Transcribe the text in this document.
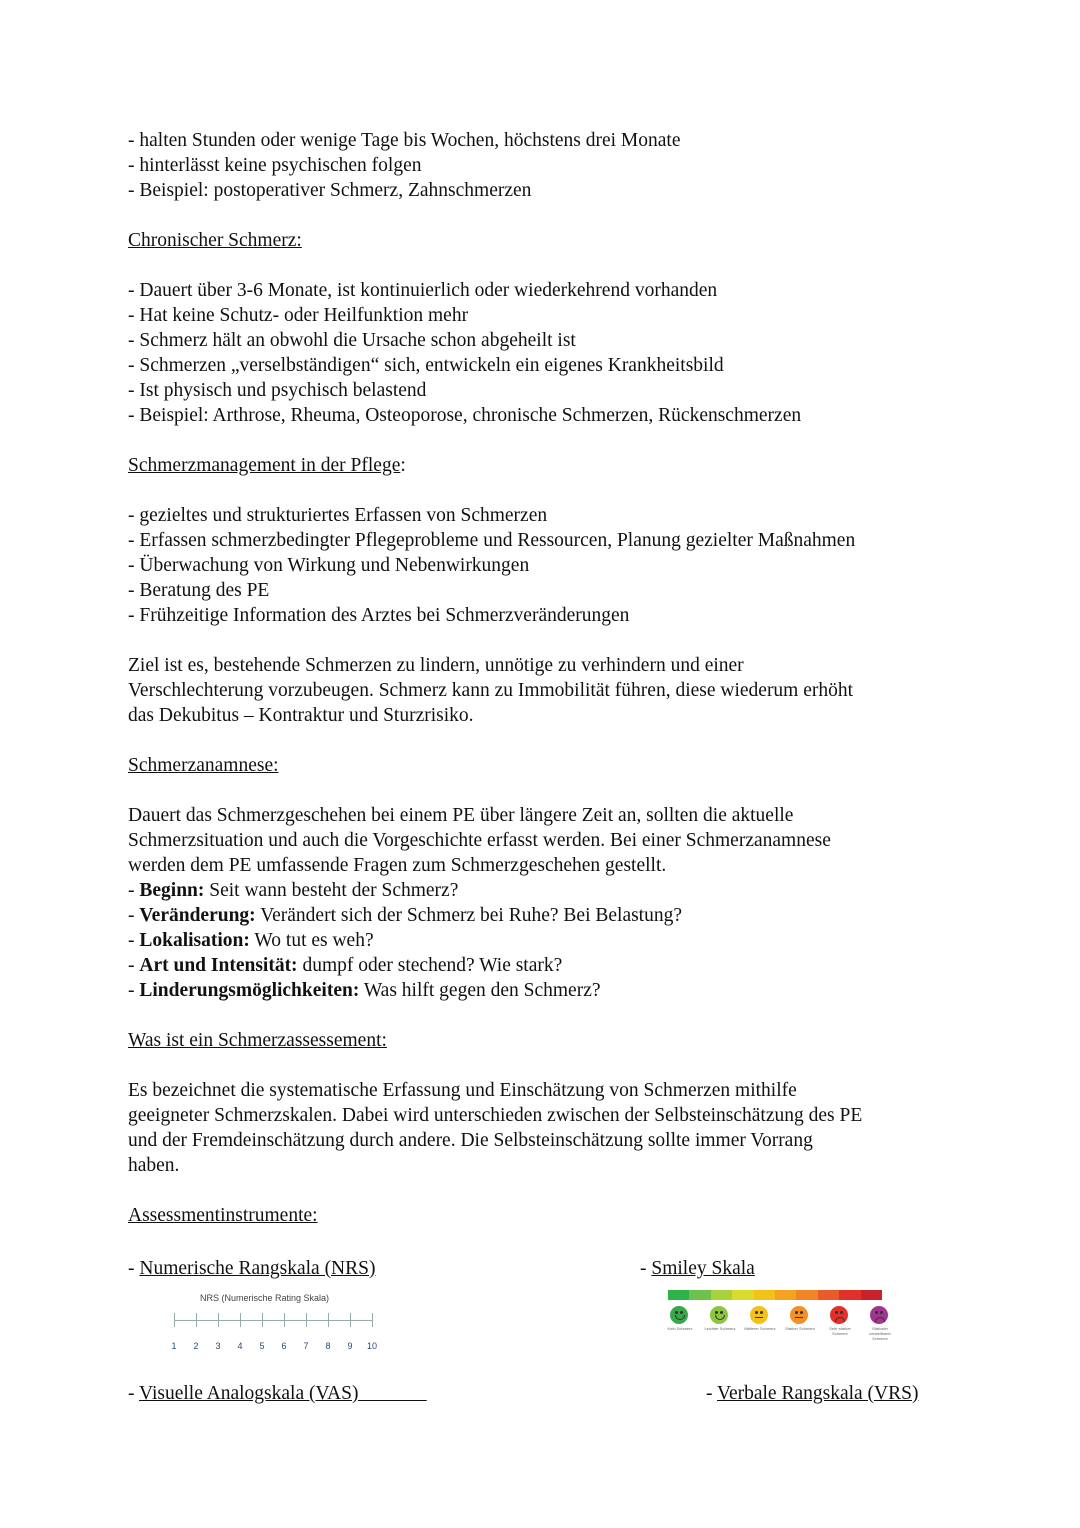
- halten Stunden oder wenige Tage bis Wochen, höchstens drei Monate
- hinterlässt keine psychischen folgen
- Beispiel: postoperativer Schmerz, Zahnschmerzen
Chronischer Schmerz:
- Dauert über 3-6 Monate, ist kontinuierlich oder wiederkehrend vorhanden
- Hat keine Schutz- oder Heilfunktion mehr
- Schmerz hält an obwohl die Ursache schon abgeheilt ist
- Schmerzen „verselbständigen“ sich, entwickeln ein eigenes Krankheitsbild
- Ist physisch und psychisch belastend
- Beispiel: Arthrose, Rheuma, Osteoporose, chronische Schmerzen, Rückenschmerzen
Schmerzmanagement in der Pflege:
- gezieltes und strukturiertes Erfassen von Schmerzen
- Erfassen schmerzbedingter Pflegeprobleme und Ressourcen, Planung gezielter Maßnahmen
- Überwachung von Wirkung und Nebenwirkungen
- Beratung des PE
- Frühzeitige Information des Arztes bei Schmerzveränderungen
Ziel ist es, bestehende Schmerzen zu lindern, unnötige zu verhindern und einer
Verschlechterung vorzubeugen. Schmerz kann zu Immobilität führen, diese wiederum erhöht
das Dekubitus – Kontraktur und Sturzrisiko.
Schmerzanamnese:
Dauert das Schmerzgeschehen bei einem PE über längere Zeit an, sollten die aktuelle
Schmerzsituation und auch die Vorgeschichte erfasst werden. Bei einer Schmerzanamnese
werden dem PE umfassende Fragen zum Schmerzgeschehen gestellt.
- Beginn: Seit wann besteht der Schmerz?
- Veränderung: Verändert sich der Schmerz bei Ruhe? Bei Belastung?
- Lokalisation: Wo tut es weh?
- Art und Intensität: dumpf oder stechend? Wie stark?
- Linderungsmöglichkeiten: Was hilft gegen den Schmerz?
Was ist ein Schmerzassessement:
Es bezeichnet die systematische Erfassung und Einschätzung von Schmerzen mithilfe
geeigneter Schmerzskalen. Dabei wird unterschieden zwischen der Selbsteinschätzung des PE
und der Fremdeinschätzung durch andere. Die Selbsteinschätzung sollte immer Vorrang
haben.
Assessmentinstrumente:
- Numerische Rangskala (NRS)
NRS (Numerische Rating Skala)
1	2	3	4	5	6	7	8	9	10
- Smiley Skala
Kein Schmerz	Leichter Schmerz	Mittlerer Schmerz	Starker Schmerz	Sehr starker Schmerz
Stärkster vorstellbarer Schmerz
- Visuelle Analogskala (VAS)	- Verbale Rangskala (VRS)
